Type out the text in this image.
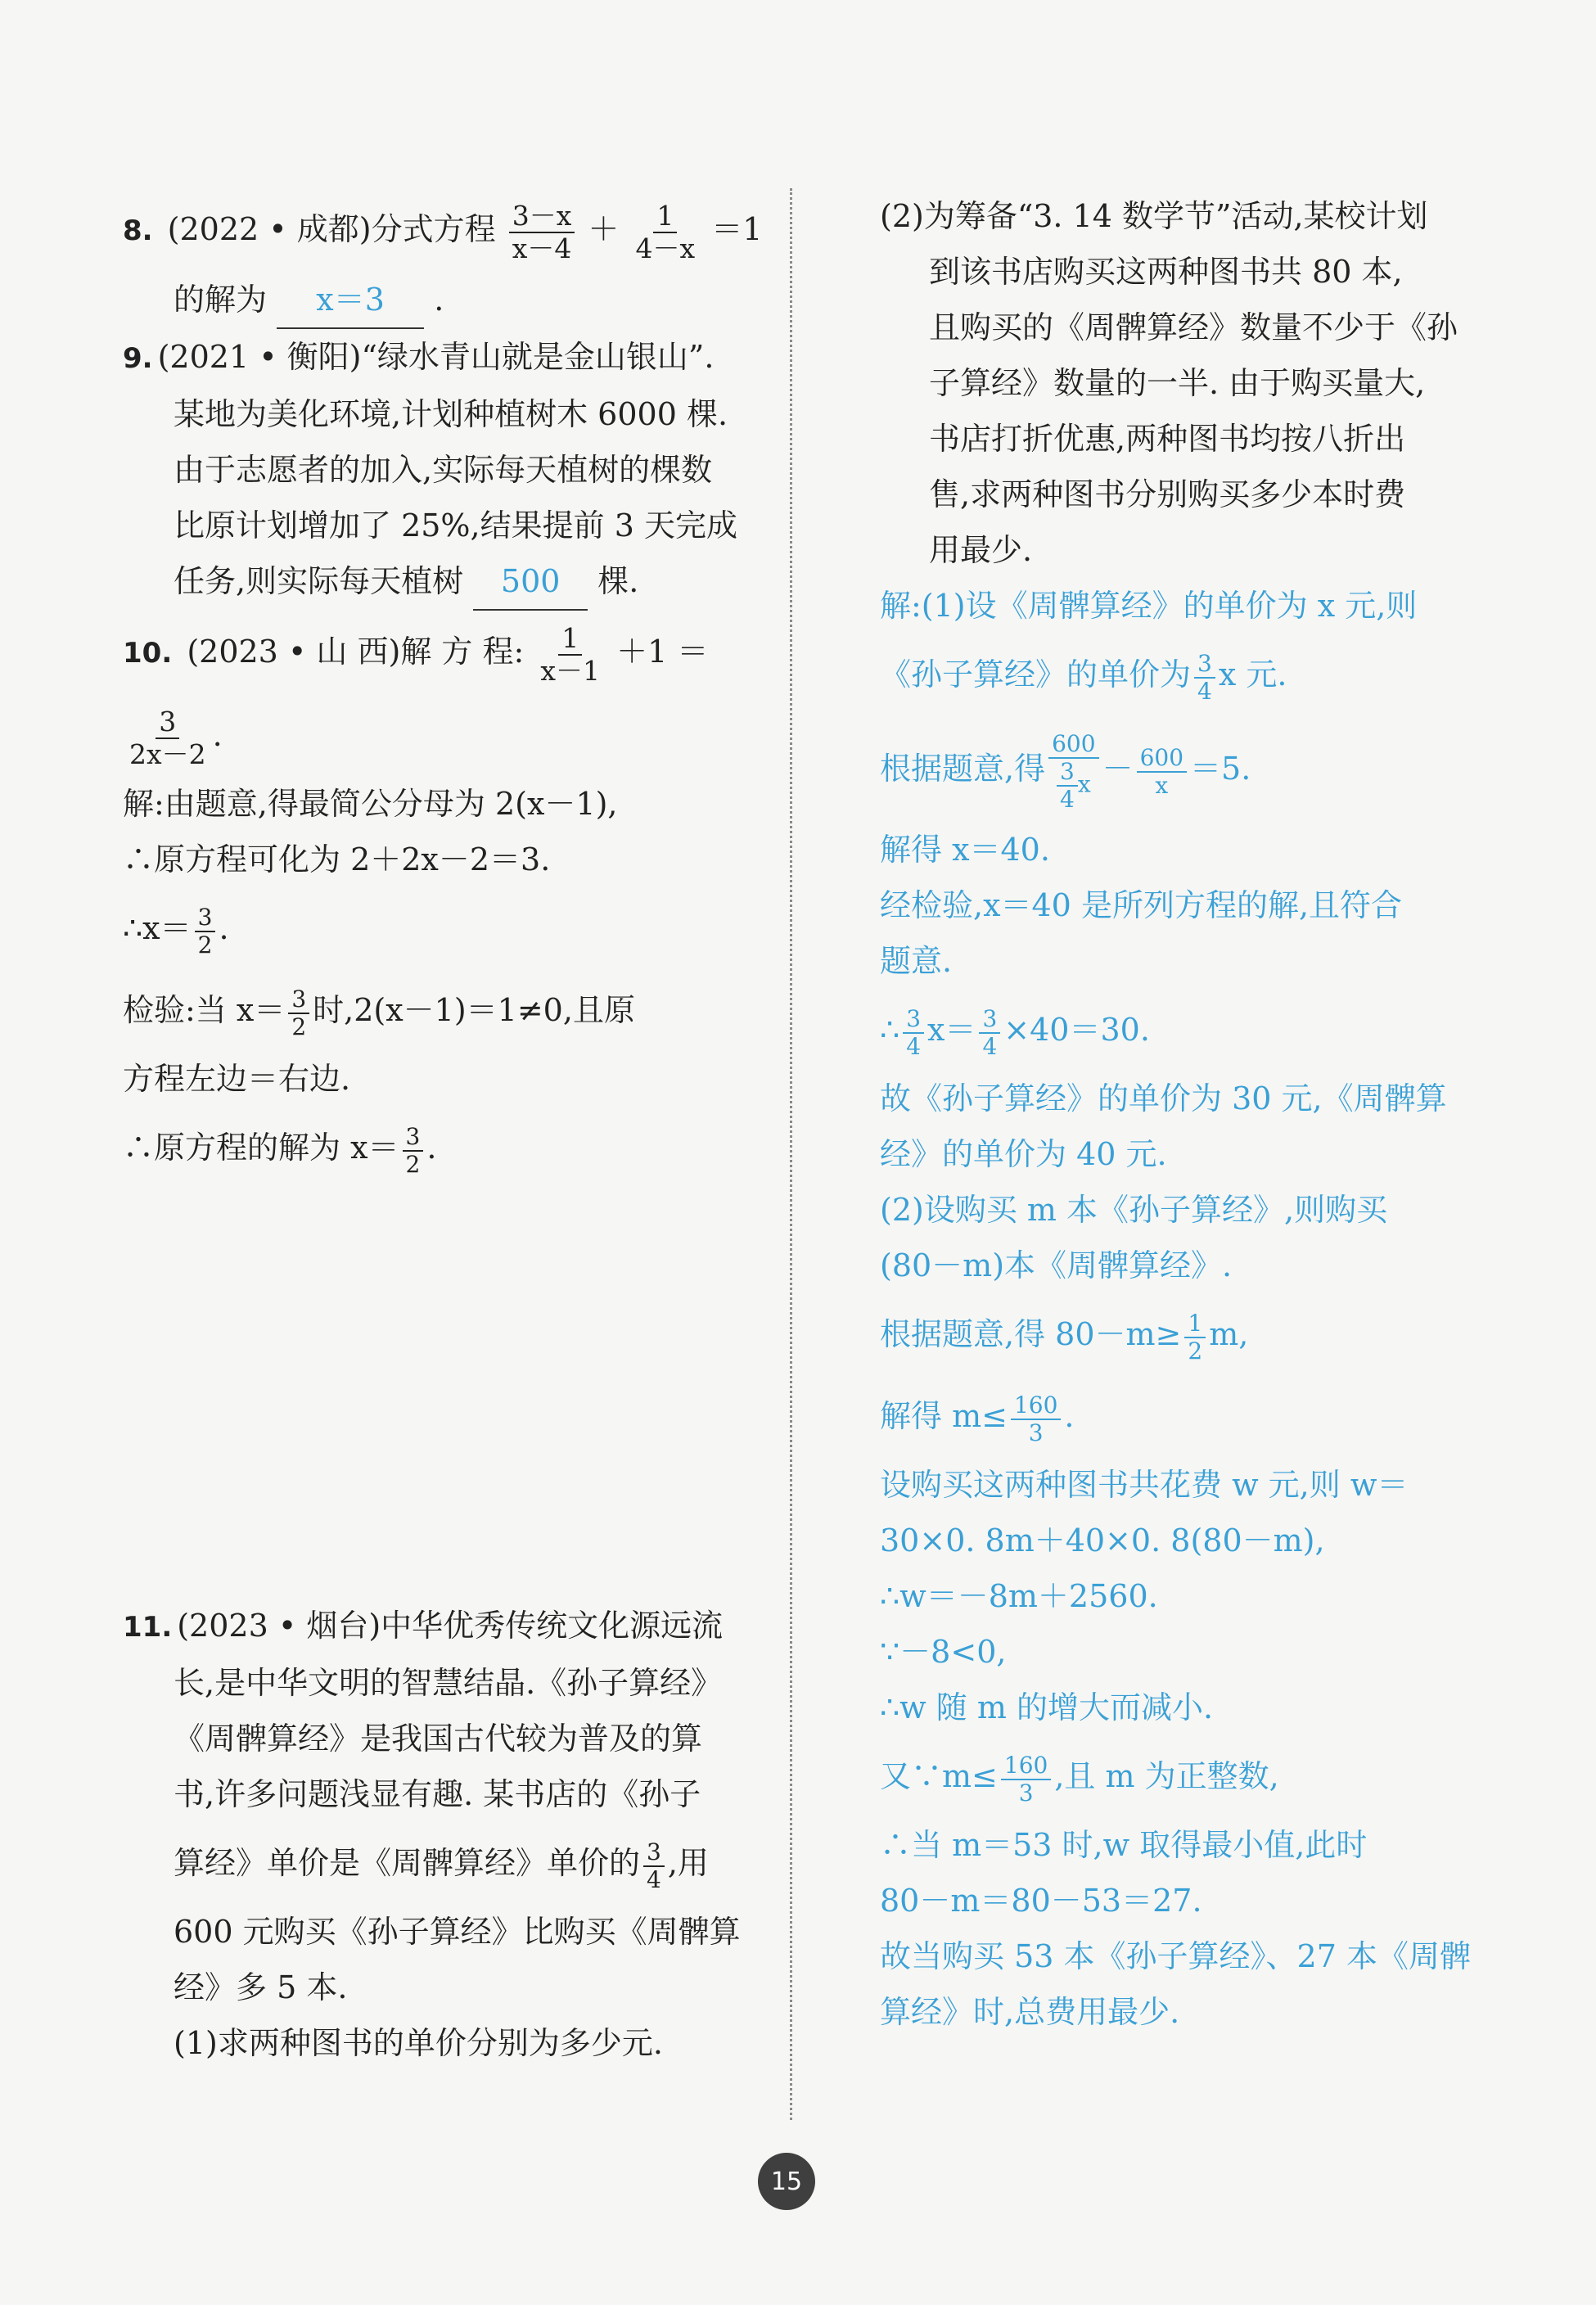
8. (2022 • 成都)分式方程 $\frac{3-x}{x-4} + \frac{1}{4-x} =1$
的解为 x＝3 .
9. (2021 • 衡阳)“绿水青山就是金山银山”.
某地为美化环境,计划种植树木 6000 棵.
由于志愿者的加入,实际每天植树的棵数
比原计划增加了 25%,结果提前 3 天完成
任务,则实际每天植树 500 棵.
10. (2023 • 山 西)解 方 程: $\frac{1}{x-1} +1$ ＝
$\frac{3}{2x-2}$ .
解:由题意,得最简公分母为 2(x－1),
∴原方程可化为 2＋2x－2＝3.
∴x＝ $\frac{3}{2}$ .
检验:当 $x= \frac{3}{2}$ 时,2(x－1)＝1≠0,且原
方程左边＝右边.
∴原方程的解为 $x= \frac{3}{2}$ .
11. (2023 • 烟台)中华优秀传统文化源远流
长,是中华文明的智慧结晶.《孙子算经》
《周髀算经》是我国古代较为普及的算
书,许多问题浅显有趣. 某书店的《孙子
算经》单价是《周髀算经》单价的 $\frac{3}{4}$ ,用
600 元购买《孙子算经》比购买《周髀算
经》多 5 本.
(1)求两种图书的单价分别为多少元.
(2)为筹备“3. 14 数学节”活动,某校计划
到该书店购买这两种图书共 80 本,
且购买的《周髀算经》数量不少于《孙
子算经》数量的一半. 由于购买量大,
书店打折优惠,两种图书均按八折出
售,求两种图书分别购买多少本时费
用最少.
解:(1)设《周髀算经》的单价为 x 元,则
《孙子算经》的单价为 $\frac{3}{4}$ x 元.
根据题意,得 $\frac{600}{\frac{3}{4} x} - \frac{600}{x} =5$.
解得 x＝40.
经检验,x＝40 是所列方程的解,且符合
题意.
∴ $\frac{3}{4} x= \frac{3}{4} \times 40=30$.
故《孙子算经》的单价为 30 元,《周髀算
经》的单价为 40 元.
(2)设购买 m 本《孙子算经》,则购买
(80－m)本《周髀算经》.
根据题意,得 $80-m\ge \frac{1}{2} m$,
解得 $m\le \frac{160}{3}$ .
设购买这两种图书共花费 w 元,则 w＝
30×0. 8m＋40×0. 8(80－m),
∴w＝－8m＋2560.
∵－8<0,
∴w 随 m 的增大而减小.
又∵m≤ $\frac{160}{3}$ ,且 m 为正整数,
∴当 m＝53 时,w 取得最小值,此时
80－m＝80－53＝27.
故当购买 53 本《孙子算经》、27 本《周髀
算经》时,总费用最少.
15
